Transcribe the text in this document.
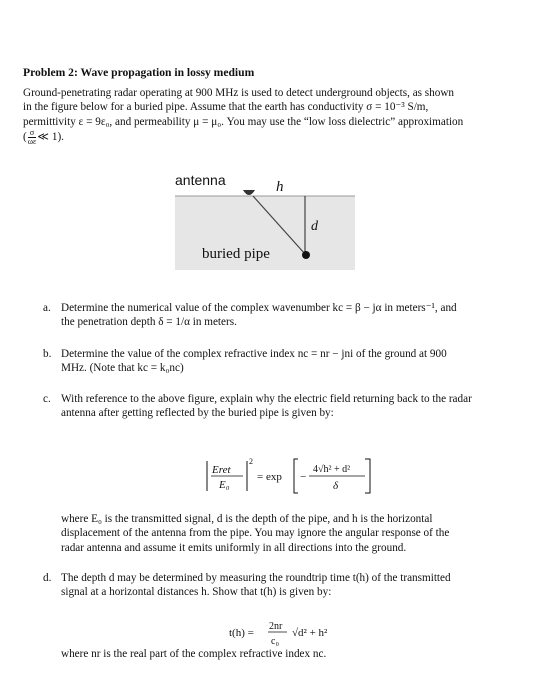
Problem 2: Wave propagation in lossy medium
Ground-penetrating radar operating at 900 MHz is used to detect underground objects, as shown
in the figure below for a buried pipe. Assume that the earth has conductivity σ = 10⁻³ S/m,
permittivity ε = 9ε₀, and permeability μ = μ₀. You may use the “low loss dielectric” approximation
( $\frac{\sigma}{\omega\varepsilon}$ ≪ 1).
antenna	h
d
buried pipe
a. Determine the numerical value of the complex wavenumber kc = β − jα in meters⁻¹, and
the penetration depth δ = 1/α in meters.
b. Determine the value of the complex refractive index nc = nr − jni of the ground at 900
MHz. (Note that kc = k₀nc)
c. With reference to the above figure, explain why the electric field returning back to the radar
antenna after getting reflected by the buried pipe is given by:
Eret
E₀
2
= exp −
4√h² + d²
δ
where E₀ is the transmitted signal, d is the depth of the pipe, and h is the horizontal
displacement of the antenna from the pipe. You may ignore the angular response of the
radar antenna and assume it emits uniformly in all directions into the ground.
d. The depth d may be determined by measuring the roundtrip time t(h) of the transmitted
signal at a horizontal distances h. Show that t(h) is given by:
t(h) =
2nr
c₀
√d² + h²
where nr is the real part of the complex refractive index nc.
